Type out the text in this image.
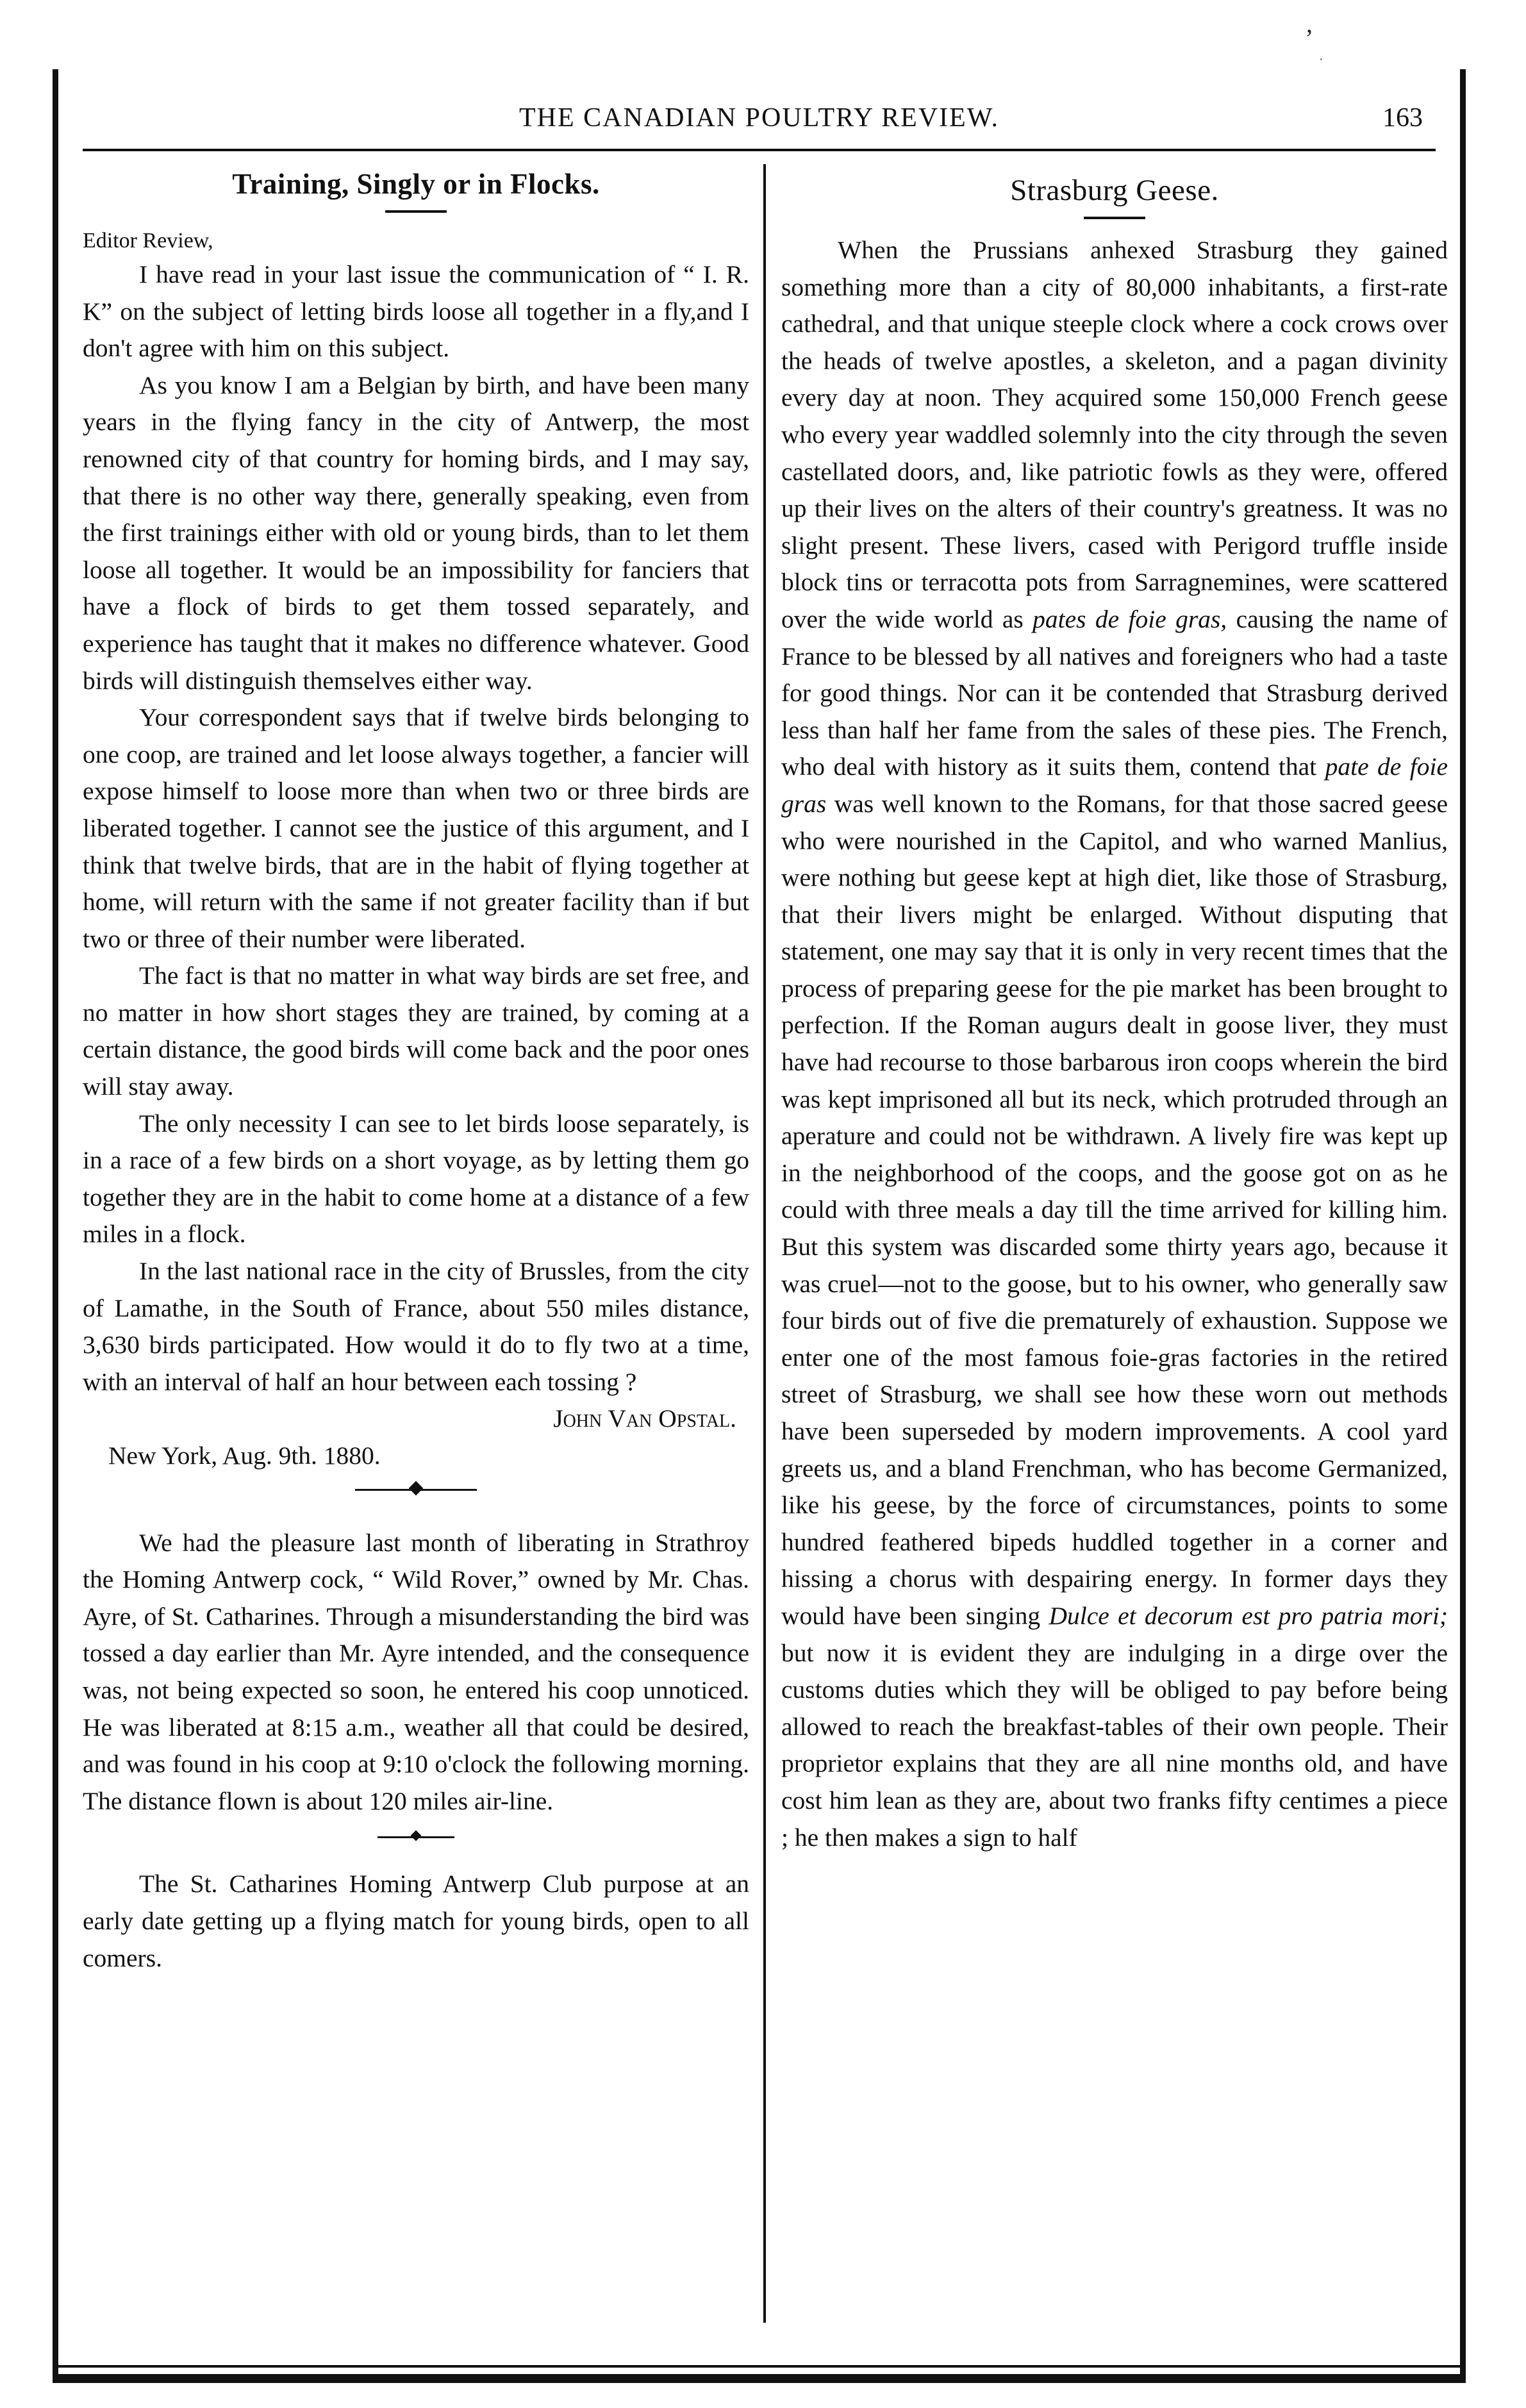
’
·
THE CANADIAN POULTRY REVIEW.	163
Training, Singly or in Flocks.

Editor Review,

I have read in your last issue the communication of “ I. R. K” on the subject of letting birds loose all together in a fly,and I don't agree with him on this subject.

As you know I am a Belgian by birth, and have been many years in the flying fancy in the city of Antwerp, the most renowned city of that country for homing birds, and I may say, that there is no other way there, generally speaking, even from the first trainings either with old or young birds, than to let them loose all together. It would be an impossibility for fanciers that have a flock of birds to get them tossed separately, and experience has taught that it makes no difference whatever. Good birds will distinguish themselves either way.

Your correspondent says that if twelve birds belonging to one coop, are trained and let loose always together, a fancier will expose himself to loose more than when two or three birds are liberated together. I cannot see the justice of this argument, and I think that twelve birds, that are in the habit of flying together at home, will return with the same if not greater facility than if but two or three of their number were liberated.

The fact is that no matter in what way birds are set free, and no matter in how short stages they are trained, by coming at a certain distance, the good birds will come back and the poor ones will stay away.

The only necessity I can see to let birds loose separately, is in a race of a few birds on a short voyage, as by letting them go together they are in the habit to come home at a distance of a few miles in a flock.

In the last national race in the city of Brussles, from the city of Lamathe, in the South of France, about 550 miles distance, 3,630 birds participated. How would it do to fly two at a time, with an interval of half an hour between each tossing ?

John Van Opstal.

New York, Aug. 9th. 1880.

We had the pleasure last month of liberating in Strathroy the Homing Antwerp cock, “ Wild Rover,” owned by Mr. Chas. Ayre, of St. Catharines. Through a misunderstanding the bird was tossed a day earlier than Mr. Ayre intended, and the consequence was, not being expected so soon, he entered his coop unnoticed. He was liberated at 8:15 a.m., weather all that could be desired, and was found in his coop at 9:10 o'clock the following morning. The distance flown is about 120 miles air-line.

The St. Catharines Homing Antwerp Club purpose at an early date getting up a flying match for young birds, open to all comers.

Strasburg Geese.

When the Prussians anhexed Strasburg they gained something more than a city of 80,000 inhabitants, a first-rate cathedral, and that unique steeple clock where a cock crows over the heads of twelve apostles, a skeleton, and a pagan divinity every day at noon. They acquired some 150,000 French geese who every year waddled solemnly into the city through the seven castellated doors, and, like patriotic fowls as they were, offered up their lives on the alters of their country's greatness. It was no slight present. These livers, cased with Perigord truffle inside block tins or terracotta pots from Sarragnemines, were scattered over the wide world as pates de foie gras, causing the name of France to be blessed by all natives and foreigners who had a taste for good things. Nor can it be contended that Strasburg derived less than half her fame from the sales of these pies. The French, who deal with history as it suits them, contend that pate de foie gras was well known to the Romans, for that those sacred geese who were nourished in the Capitol, and who warned Manlius, were nothing but geese kept at high diet, like those of Strasburg, that their livers might be enlarged. Without disputing that statement, one may say that it is only in very recent times that the process of preparing geese for the pie market has been brought to perfection. If the Roman augurs dealt in goose liver, they must have had recourse to those barbarous iron coops wherein the bird was kept imprisoned all but its neck, which protruded through an aperature and could not be withdrawn. A lively fire was kept up in the neighborhood of the coops, and the goose got on as he could with three meals a day till the time arrived for killing him. But this system was discarded some thirty years ago, because it was cruel—not to the goose, but to his owner, who generally saw four birds out of five die prematurely of exhaustion. Suppose we enter one of the most famous foie-gras factories in the retired street of Strasburg, we shall see how these worn out methods have been superseded by modern improvements. A cool yard greets us, and a bland Frenchman, who has become Germanized, like his geese, by the force of circumstances, points to some hundred feathered bipeds huddled together in a corner and hissing a chorus with despairing energy. In former days they would have been singing Dulce et decorum est pro patria mori; but now it is evident they are indulging in a dirge over the customs duties which they will be obliged to pay before being allowed to reach the breakfast-tables of their own people. Their proprietor explains that they are all nine months old, and have cost him lean as they are, about two franks fifty centimes a piece ; he then makes a sign to half
